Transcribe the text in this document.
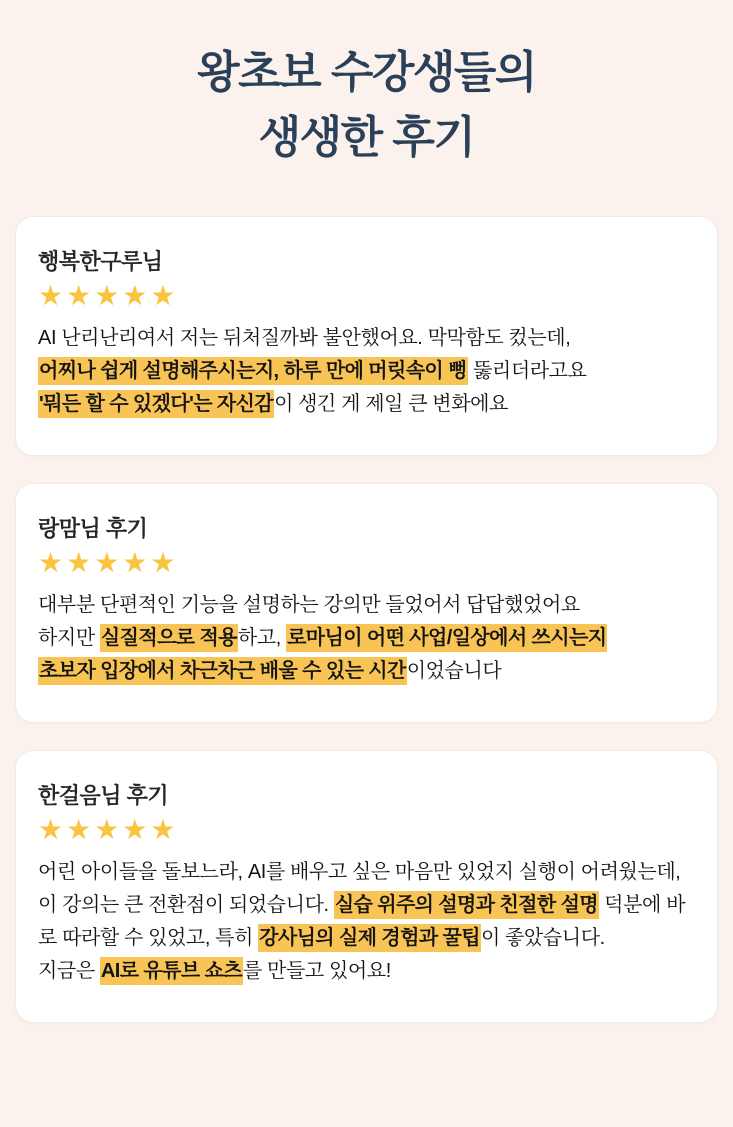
왕초보 수강생들의
생생한 후기
행복한구루님
★★★★★
AI 난리난리여서 저는 뒤처질까봐 불안했어요. 막막함도 컸는데,
어찌나 쉽게 설명해주시는지, 하루 만에 머릿속이 뻥 뚫리더라고요
'뭐든 할 수 있겠다'는 자신감이 생긴 게 제일 큰 변화에요
랑맘님 후기
★★★★★
대부분 단편적인 기능을 설명하는 강의만 들었어서 답답했었어요
하지만 실질적으로 적용하고, 로마님이 어떤 사업/일상에서 쓰시는지
초보자 입장에서 차근차근 배울 수 있는 시간이었습니다
한걸음님 후기
★★★★★
어린 아이들을 돌보느라, AI를 배우고 싶은 마음만 있었지 실행이 어려웠는데,
이 강의는 큰 전환점이 되었습니다. 실습 위주의 설명과 친절한 설명 덕분에 바
로 따라할 수 있었고, 특히 강사님의 실제 경험과 꿀팁이 좋았습니다.
지금은 AI로 유튜브 쇼츠를 만들고 있어요!
